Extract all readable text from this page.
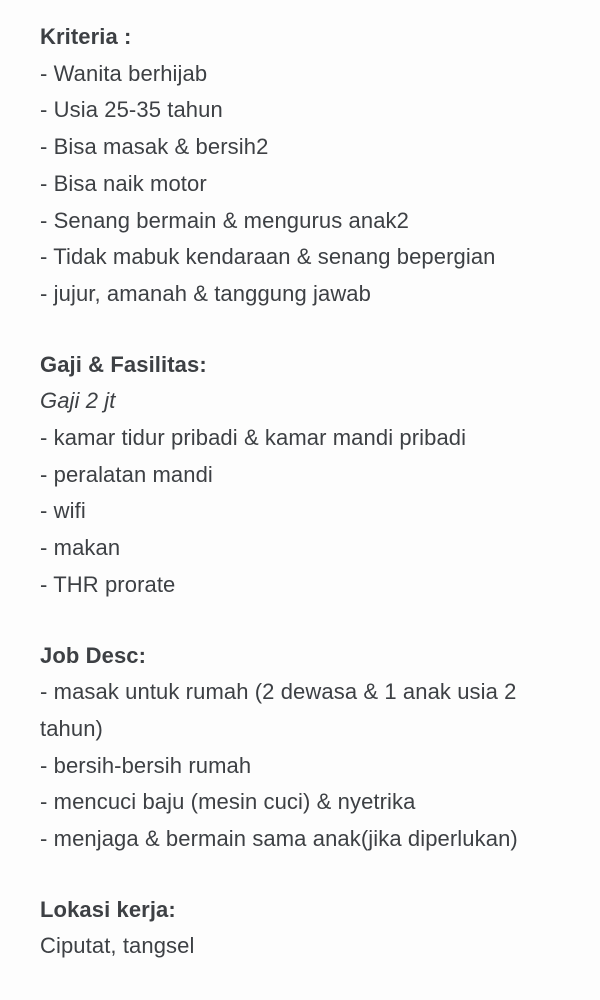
Kriteria :
- Wanita berhijab
- Usia 25-35 tahun
- Bisa masak & bersih2
- Bisa naik motor
- Senang bermain & mengurus anak2
- Tidak mabuk kendaraan & senang bepergian
- jujur, amanah & tanggung jawab
Gaji & Fasilitas:
Gaji 2 jt
- kamar tidur pribadi & kamar mandi pribadi
- peralatan mandi
- wifi
- makan
- THR prorate
Job Desc:
- masak untuk rumah (2 dewasa & 1 anak usia 2 tahun)
- bersih-bersih rumah
- mencuci baju (mesin cuci) & nyetrika
- menjaga & bermain sama anak(jika diperlukan)
Lokasi kerja:
Ciputat, tangsel
